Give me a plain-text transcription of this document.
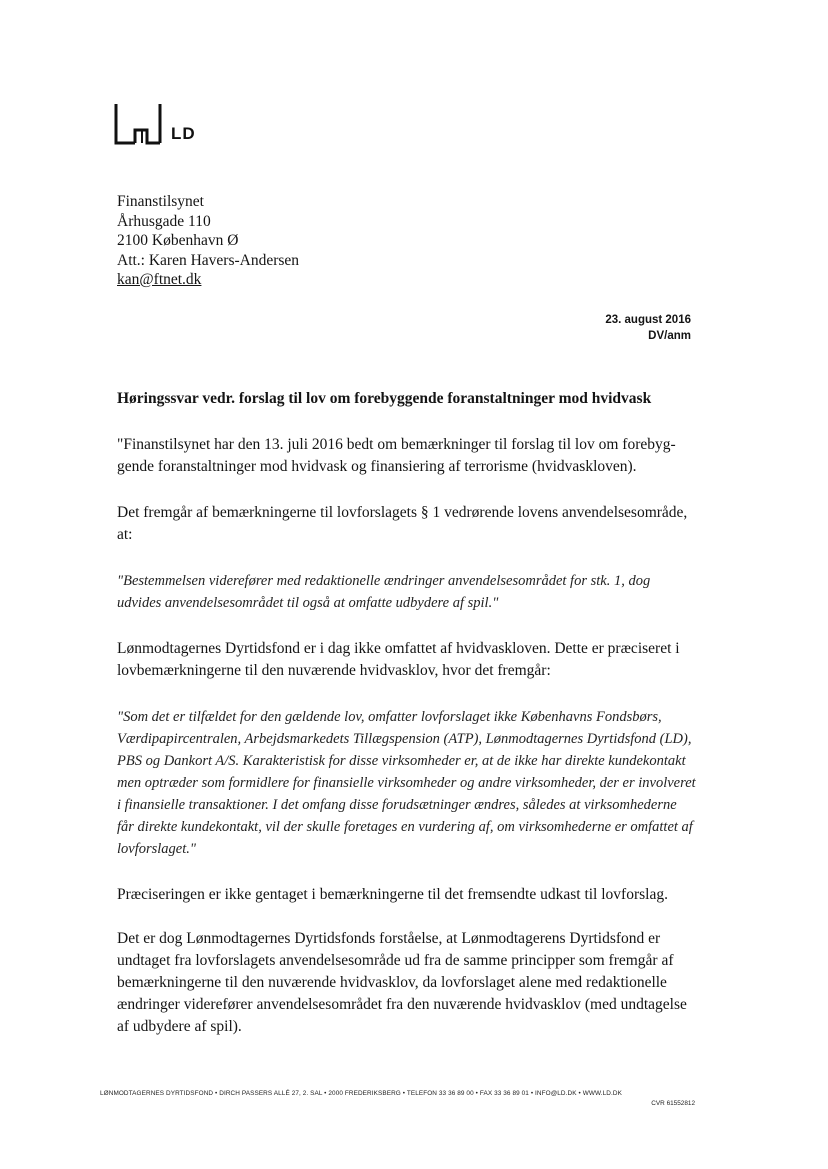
LD
Finanstilsynet
Århusgade 110
2100 København Ø
Att.: Karen Havers-Andersen
kan@ftnet.dk
23. august 2016
DV/anm
Høringssvar vedr. forslag til lov om forebyggende foranstaltninger mod hvidvask

"Finanstilsynet har den 13. juli 2016 bedt om bemærkninger til forslag til lov om forebyg-gende foranstaltninger mod hvidvask og finansiering af terrorisme (hvidvaskloven).

Det fremgår af bemærkningerne til lovforslagets § 1 vedrørende lovens anvendelsesområde, at:

"Bestemmelsen viderefører med redaktionelle ændringer anvendelsesområdet for stk. 1, dog udvides anvendelsesområdet til også at omfatte udbydere af spil."

Lønmodtagernes Dyrtidsfond er i dag ikke omfattet af hvidvaskloven. Dette er præciseret i lovbemærkningerne til den nuværende hvidvasklov, hvor det fremgår:

"Som det er tilfældet for den gældende lov, omfatter lovforslaget ikke Københavns Fondsbørs, Værdipapircentralen, Arbejdsmarkedets Tillægspension (ATP), Lønmodtagernes Dyrtidsfond (LD), PBS og Dankort A/S. Karakteristisk for disse virksomheder er, at de ikke har direkte kundekontakt men optræder som formidlere for finansielle virksomheder og andre virksomheder, der er involveret i finansielle transaktioner. I det omfang disse forudsætninger ændres, således at virksomhederne får direkte kundekontakt, vil der skulle foretages en vurdering af, om virksomhederne er omfattet af lovforslaget."

Præciseringen er ikke gentaget i bemærkningerne til det fremsendte udkast til lovforslag.

Det er dog Lønmodtagernes Dyrtidsfonds forståelse, at Lønmodtagerens Dyrtidsfond er undtaget fra lovforslagets anvendelsesområde ud fra de samme principper som fremgår af bemærkningerne til den nuværende hvidvasklov, da lovforslaget alene med redaktionelle ændringer viderefører anvendelsesområdet fra den nuværende hvidvasklov (med undtagelse af udbydere af spil).

LØNMODTAGERNES DYRTIDSFOND • DIRCH PASSERS ALLÉ 27, 2. SAL • 2000 FREDERIKSBERG • TELEFON 33 36 89 00 • FAX 33 36 89 01 • INFO@LD.DK • WWW.LD.DK
CVR 61552812
